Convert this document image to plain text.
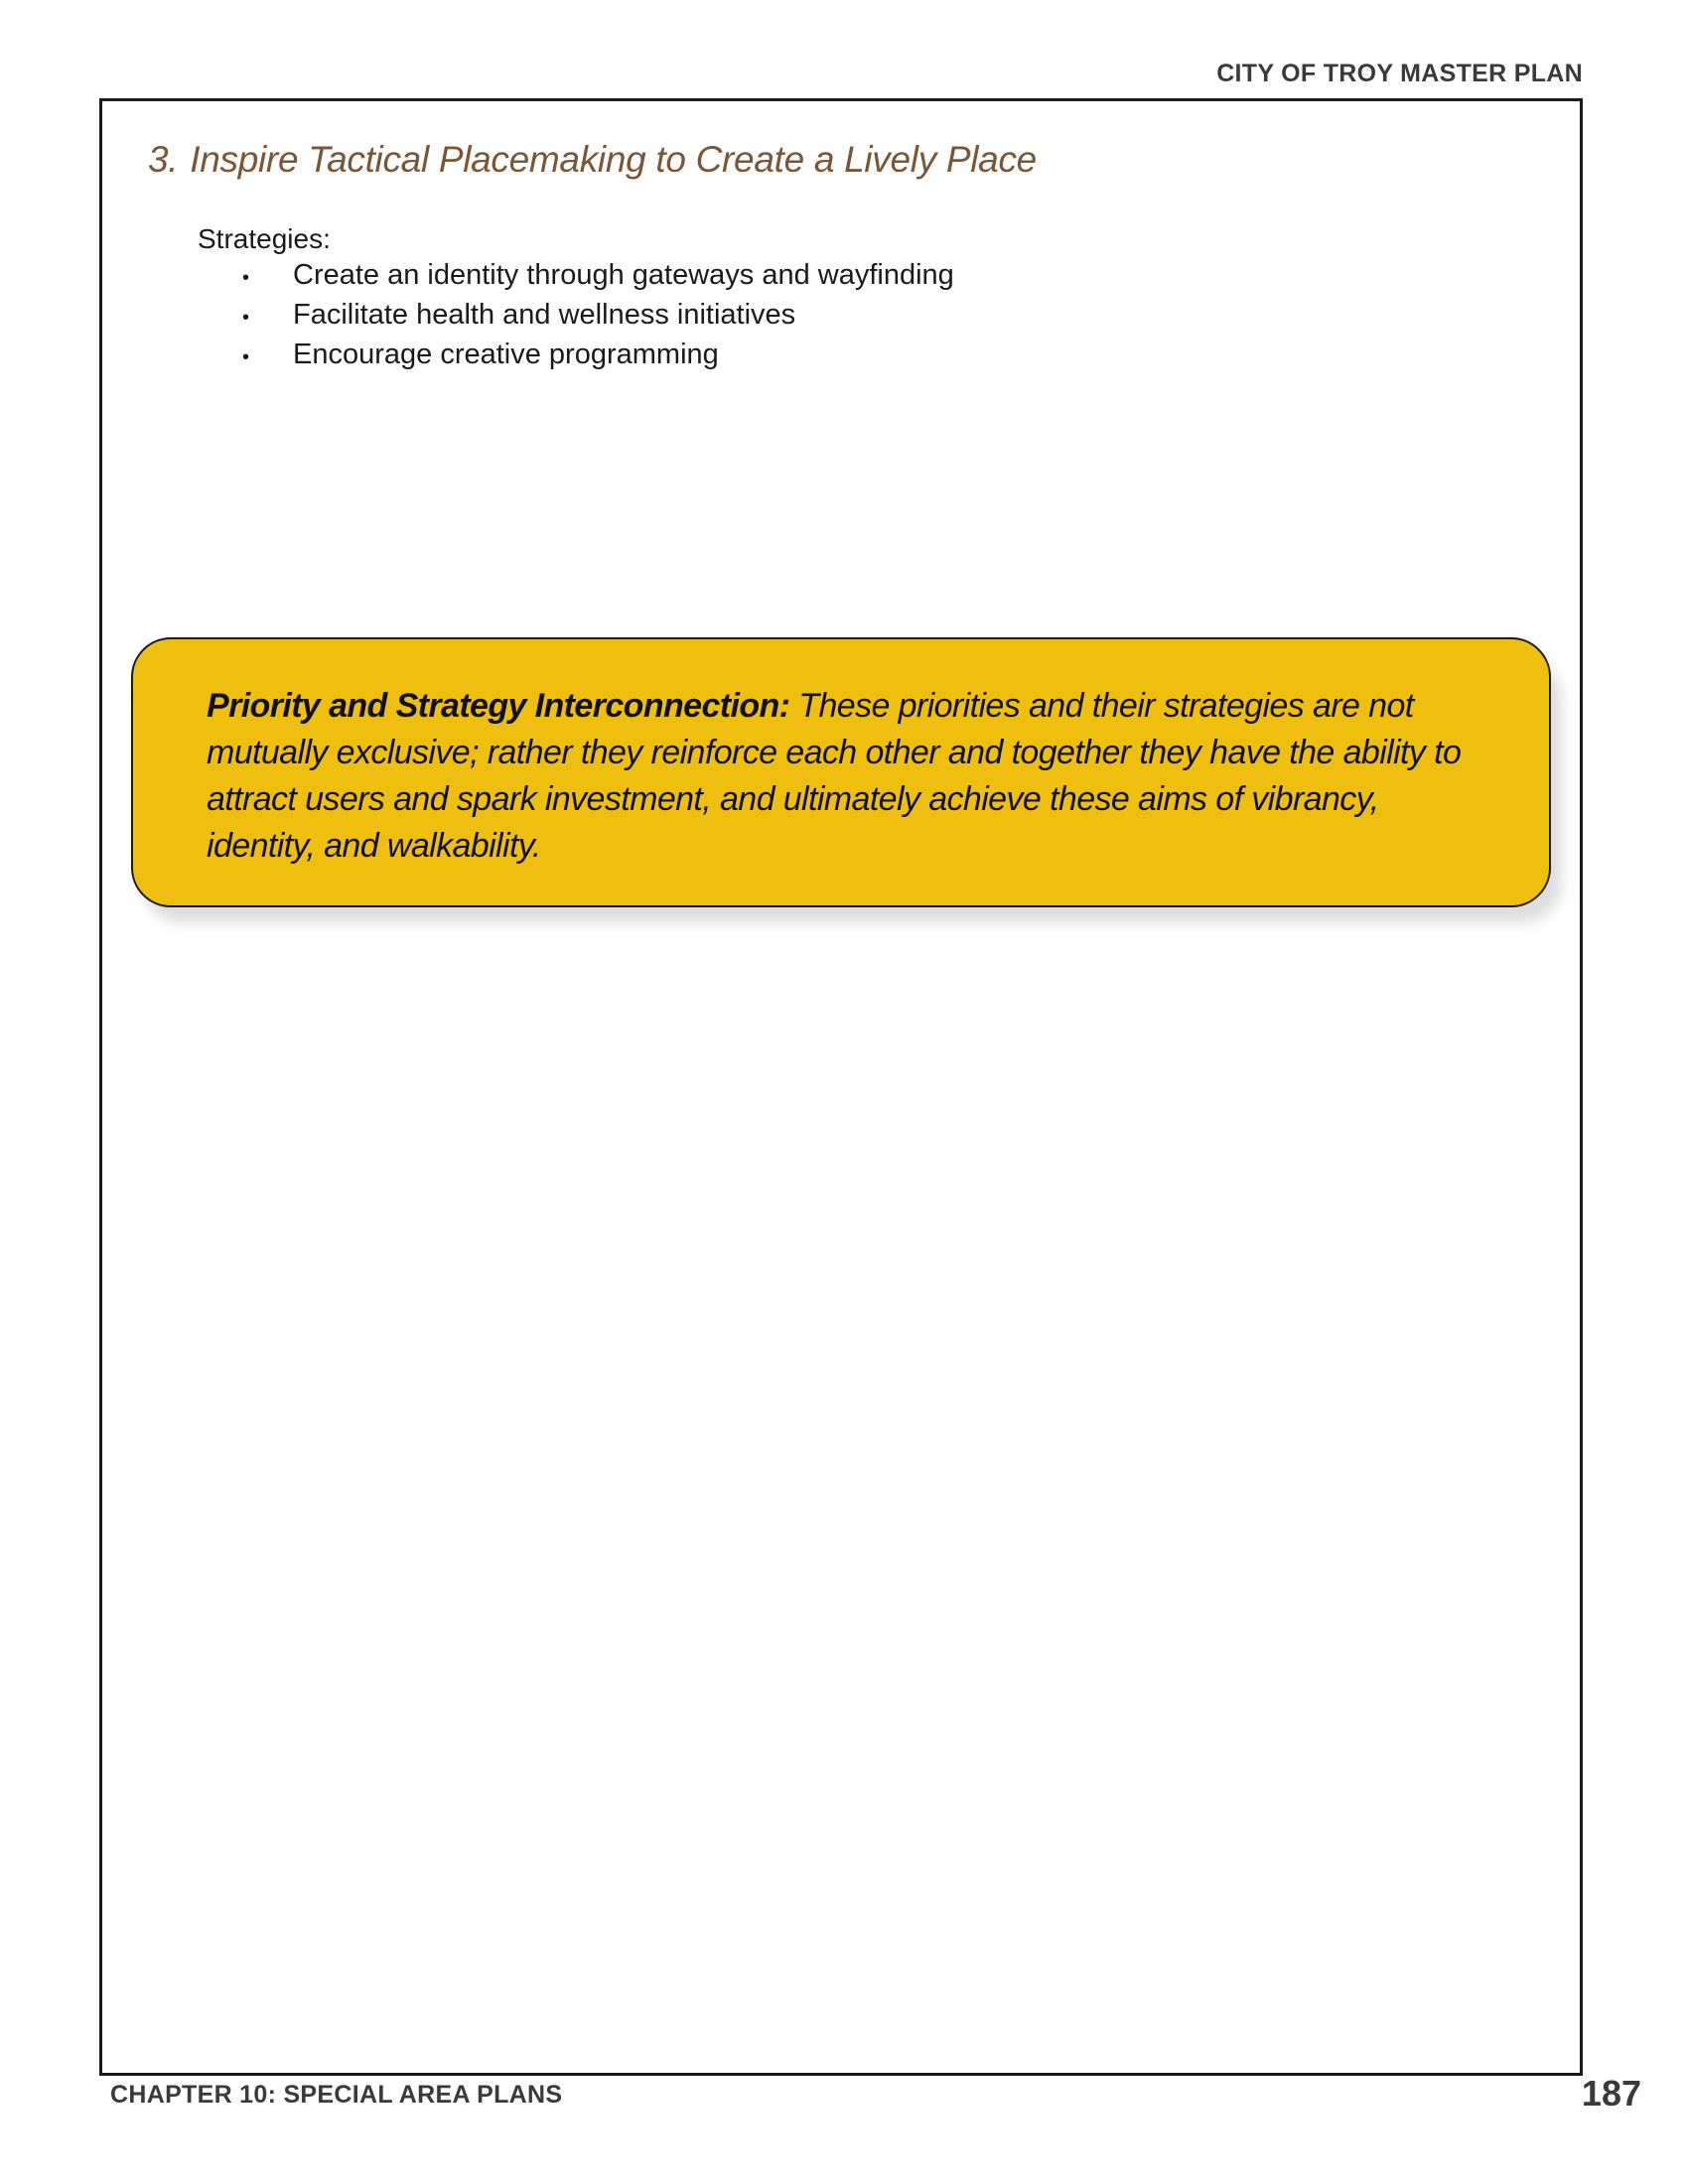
CITY OF TROY MASTER PLAN
3. Inspire Tactical Placemaking to Create a Lively Place
Strategies:
•	Create an identity through gateways and wayfinding
•	Facilitate health and wellness initiatives
•	Encourage creative programming

Priority and Strategy Interconnection: These priorities and their strategies are not mutually exclusive; rather they reinforce each other and together they have the ability to attract users and spark investment, and ultimately achieve these aims of vibrancy, identity, and walkability.

CHAPTER 10: SPECIAL AREA PLANS	187
